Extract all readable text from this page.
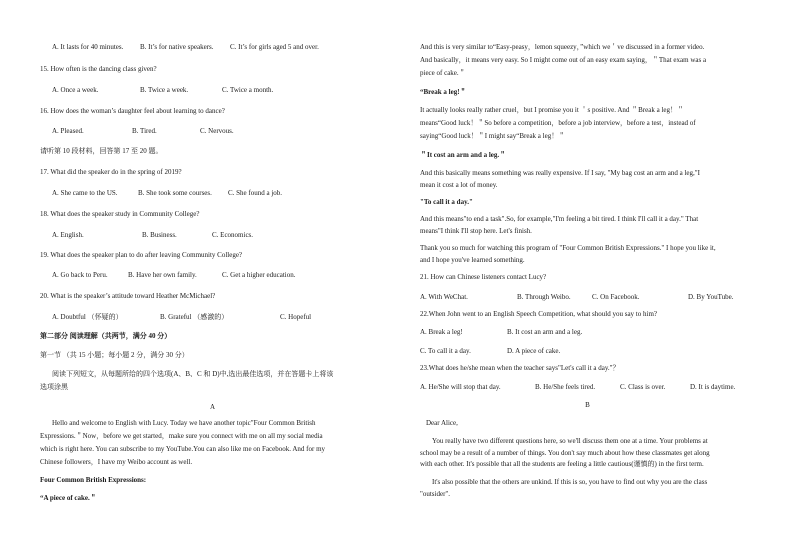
A. It lasts for 40 minutes. B. It’s for native speakers. C. It’s for girls aged 5 and over.
15. How often is the dancing class given?
A. Once a week.	B. Twice a week.	C. Twice a month.
16. How does the woman’s daughter feel about learning to dance?
A. Pleased.	B. Tired.	C. Nervous.
请听第 10 段材料，回答第 17 至 20 题。
17. What did the speaker do in the spring of 2019?
A. She came to the US.	B. She took some courses. C. She found a job.
18. What does the speaker study in Community College?
A. English.	B. Business.	C. Economics.
19. What does the speaker plan to do after leaving Community College?
A. Go back to Peru.	B. Have her own family.	C. Get a higher education.
20. What is the speaker’s attitude toward Heather McMichael?
A. Doubtful （怀疑的）	B. Grateful （感激的）	C. Hopeful
第二部分 阅读理解（共两节，满分 40 分）
第一节 （共 15 小题；每小题 2 分，满分 30 分）
阅读下列短文，从每题所给的四个选项(A、B、C 和 D)中,选出最佳选项，并在答题卡上将该
选项涂黑
A
Hello and welcome to English with Lucy. Today we have another topic"Four Common British
Expressions.＂Now，before we get started，make sure you connect with me on all my social media
which is right here. You can subscribe to my YouTube.You can also like me on Facebook. And for my
Chinese followers，I have my Weibo account as well.
Four Common British Expressions:
“A piece of cake.＂
And this is very similar to“Easy-peasy，lemon squeezy，”which we＇ve discussed in a former video.
And basically，it means very easy. So I might come out of an easy exam saying，＂That exam was a
piece of cake.＂
“Break a leg!＂
It actually looks really rather cruel，but I promise you it ＇s positive. And ＂Break a leg！＂
means“Good luck！＂So before a competition，before a job interview，before a test，instead of
saying“Good luck！＂I might say“Break a leg！＂
＂It cost an arm and a leg.＂
And this basically means something was really expensive. If I say, "My bag cost an arm and a leg,"I
mean it cost a lot of money.
"To call it a day."
And this means"to end a task".So, for example,"I'm feeling a bit tired. I think I'll call it a day." That
means"I think I'll stop here. Let's finish.
Thank you so much for watching this program of "Four Common British Expressions." I hope you like it,
and I hope you've learned something.
21. How can Chinese listeners contact Lucy?
A. With WeChat.	B. Through Weibo.	C. On Facebook.	D. By YouTube.
22.When John went to an English Speech Competition, what should you say to him?
A. Break a leg!	B. It cost an arm and a leg.
C. To call it a day.	D. A piece of cake.
23.What does he/she mean when the teacher says"Let's call it a day."？
A. He/She will stop that day.	B. He/She feels tired.	C. Class is over.	D. It is daytime.
B
Dear Alice,
You really have two different questions here, so we'll discuss them one at a time. Your problems at
school may be a result of a number of things. You don't say much about how these classmates get along
with each other. It's possible that all the students are feeling a little cautious(谨慎的) in the first term.
It's also possible that the others are unkind. If this is so, you have to find out why you are the class
"outsider".
